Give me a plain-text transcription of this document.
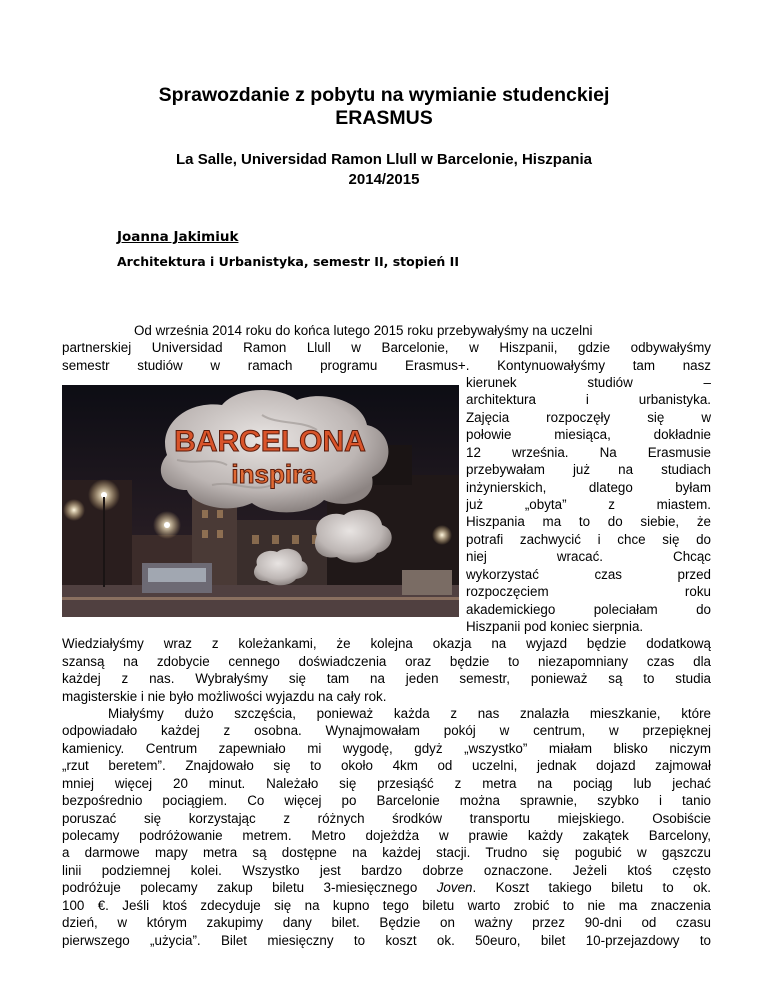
Sprawozdanie z pobytu na wymianie studenckiej
ERASMUS
La Salle, Universidad Ramon Llull w Barcelonie, Hiszpania
2014/2015
Joanna Jakimiuk
Architektura i Urbanistyka, semestr II, stopień II
BARCELONA
inspira
Od września 2014 roku do końca lutego 2015 roku przebywałyśmy na uczelni
partnerskiej Universidad Ramon Llull w Barcelonie, w Hiszpanii, gdzie odbywałyśmy
semestr studiów w ramach programu Erasmus+. Kontynuowałyśmy tam nasz
kierunek studiów –
architektura i urbanistyka.
Zajęcia rozpoczęły się w
połowie miesiąca, dokładnie
12 września. Na Erasmusie
przebywałam już na studiach
inżynierskich, dlatego byłam
już „obyta” z miastem.
Hiszpania ma to do siebie, że
potrafi zachwycić i chce się do
niej wracać. Chcąc
wykorzystać czas przed
rozpoczęciem roku
akademickiego poleciałam do
Hiszpanii pod koniec sierpnia.
Wiedziałyśmy wraz z koleżankami, że kolejna okazja na wyjazd będzie dodatkową
szansą na zdobycie cennego doświadczenia oraz będzie to niezapomniany czas dla
każdej z nas. Wybrałyśmy się tam na jeden semestr, ponieważ są to studia
magisterskie i nie było możliwości wyjazdu na cały rok.
Miałyśmy dużo szczęścia, ponieważ każda z nas znalazła mieszkanie, które
odpowiadało każdej z osobna. Wynajmowałam pokój w centrum, w przepięknej
kamienicy. Centrum zapewniało mi wygodę, gdyż „wszystko” miałam blisko niczym
„rzut beretem”. Znajdowało się to około 4km od uczelni, jednak dojazd zajmował
mniej więcej 20 minut. Należało się przesiąść z metra na pociąg lub jechać
bezpośrednio pociągiem. Co więcej po Barcelonie można sprawnie, szybko i tanio
poruszać się korzystając z różnych środków transportu miejskiego. Osobiście
polecamy podróżowanie metrem. Metro dojeżdża w prawie każdy zakątek Barcelony,
a darmowe mapy metra są dostępne na każdej stacji. Trudno się pogubić w gąszczu
linii podziemnej kolei. Wszystko jest bardzo dobrze oznaczone. Jeżeli ktoś często
podróżuje polecamy zakup biletu 3-miesięcznego Joven. Koszt takiego biletu to ok.
100 €. Jeśli ktoś zdecyduje się na kupno tego biletu warto zrobić to nie ma znaczenia
dzień, w którym zakupimy dany bilet. Będzie on ważny przez 90-dni od czasu
pierwszego „użycia”. Bilet miesięczny to koszt ok. 50euro, bilet 10-przejazdowy to
